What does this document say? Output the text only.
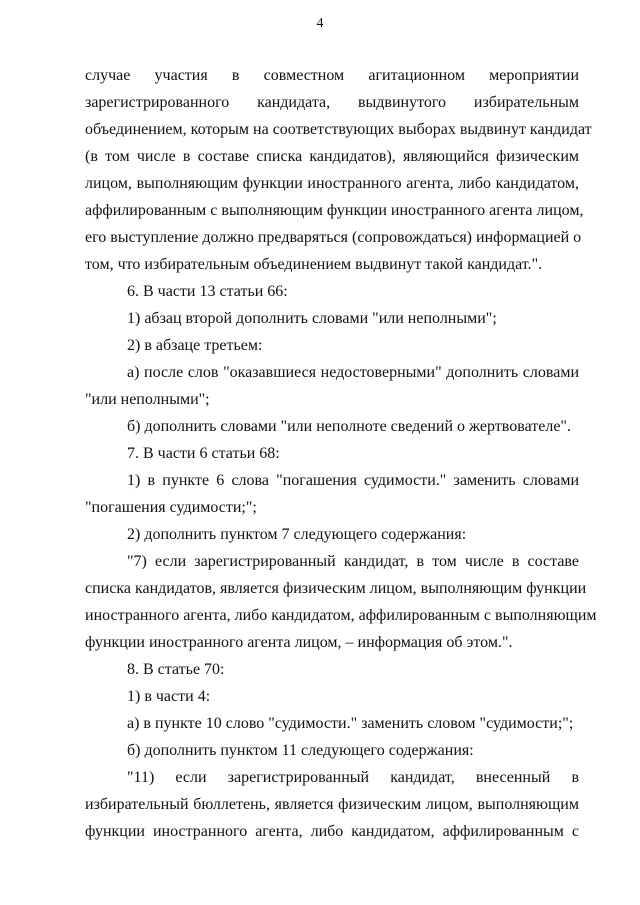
4
случае участия в совместном агитационном мероприятии
зарегистрированного кандидата, выдвинутого избирательным
объединением, которым на соответствующих выборах выдвинут кандидат
(в том числе в составе списка кандидатов), являющийся физическим
лицом, выполняющим функции иностранного агента, либо кандидатом,
аффилированным с выполняющим функции иностранного агента лицом,
его выступление должно предваряться (сопровождаться) информацией о
том, что избирательным объединением выдвинут такой кандидат.".
6. В части 13 статьи 66:
1) абзац второй дополнить словами "или неполными";
2) в абзаце третьем:
а) после слов "оказавшиеся недостоверными" дополнить словами
"или неполными";
б) дополнить словами "или неполноте сведений о жертвователе".
7. В части 6 статьи 68:
1) в пункте 6 слова "погашения судимости." заменить словами
"погашения судимости;";
2) дополнить пунктом 7 следующего содержания:
"7) если зарегистрированный кандидат, в том числе в составе
списка кандидатов, является физическим лицом, выполняющим функции
иностранного агента, либо кандидатом, аффилированным с выполняющим
функции иностранного агента лицом, – информация об этом.".
8. В статье 70:
1) в части 4:
а) в пункте 10 слово "судимости." заменить словом "судимости;";
б) дополнить пунктом 11 следующего содержания:
"11) если зарегистрированный кандидат, внесенный в
избирательный бюллетень, является физическим лицом, выполняющим
функции иностранного агента, либо кандидатом, аффилированным с
